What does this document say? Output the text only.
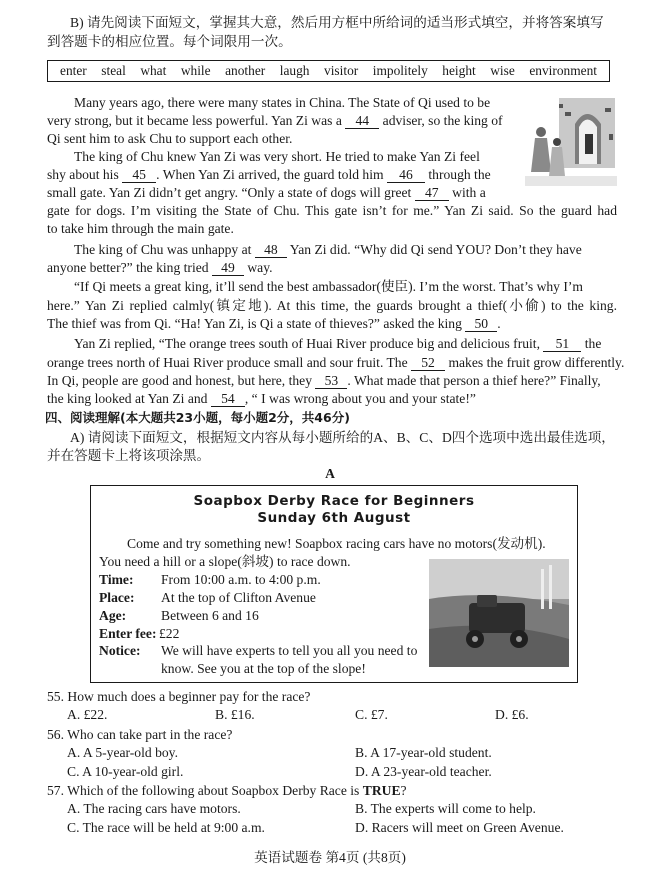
B) 请先阅读下面短文，掌握其大意，然后用方框中所给词的适当形式填空，并将答案填写
到答题卡的相应位置。每个词限用一次。
enter steal what while another laugh visitor impolitely height wise environment
Many years ago, there were many states in China. The State of Qi used to be
very strong, but it became less powerful. Yan Zi was a 44 adviser, so the king of
Qi sent him to ask Chu to support each other.
The king of Chu knew Yan Zi was very short. He tried to make Yan Zi feel
shy about his 45 . When Yan Zi arrived, the guard told him 46 through the
small gate. Yan Zi didn’t get angry. “Only a state of dogs will greet 47 with a
gate for dogs. I’m visiting the State of Chu. This gate isn’t for me.” Yan Zi said. So the guard had
to take him through the main gate.
The king of Chu was unhappy at 48 Yan Zi did. “Why did Qi send YOU? Don’t they have
anyone better?” the king tried 49 way.
“If Qi meets a great king, it’ll send the best ambassador(使臣). I’m the worst. That’s why I’m
here.” Yan Zi replied calmly(镇定地). At this time, the guards brought a thief(小偷) to the king.
The thief was from Qi. “Ha! Yan Zi, is Qi a state of thieves?” asked the king 50 .
Yan Zi replied, “The orange trees south of Huai River produce big and delicious fruit, 51 the
orange trees north of Huai River produce small and sour fruit. The 52 makes the fruit grow differently.
In Qi, people are good and honest, but here, they 53 . What made that person a thief here?” Finally,
the king looked at Yan Zi and 54 , “ I was wrong about you and your state!”
四、阅读理解(本大题共23小题，每小题2分，共46分)
A) 请阅读下面短文，根据短文内容从每小题所给的A、B、C、D四个选项中选出最佳选项，
并在答题卡上将该项涂黑。
A
Soapbox Derby Race for Beginners
Sunday 6th August
Come and try something new! Soapbox racing cars have no motors(发动机).
You need a hill or a slope(斜坡) to race down.
Time: From 10:00 a.m. to 4:00 p.m.
Place: At the top of Clifton Avenue
Age:	Between 6 and 16
Enter fee: £22
Notice: We will have experts to tell you all you need to
know. See you at the top of the slope!
55. How much does a beginner pay for the race?
A. £22.	B. £16.	C. £7.	D. £6.
56. Who can take part in the race?
A. A 5-year-old boy.	B. A 17-year-old student.
C. A 10-year-old girl.	D. A 23-year-old teacher.
57. Which of the following about Soapbox Derby Race is TRUE?
A. The racing cars have motors.	B. The experts will come to help.
C. The race will be held at 9:00 a.m.	D. Racers will meet on Green Avenue.
英语试题卷 第4页 (共8页)
